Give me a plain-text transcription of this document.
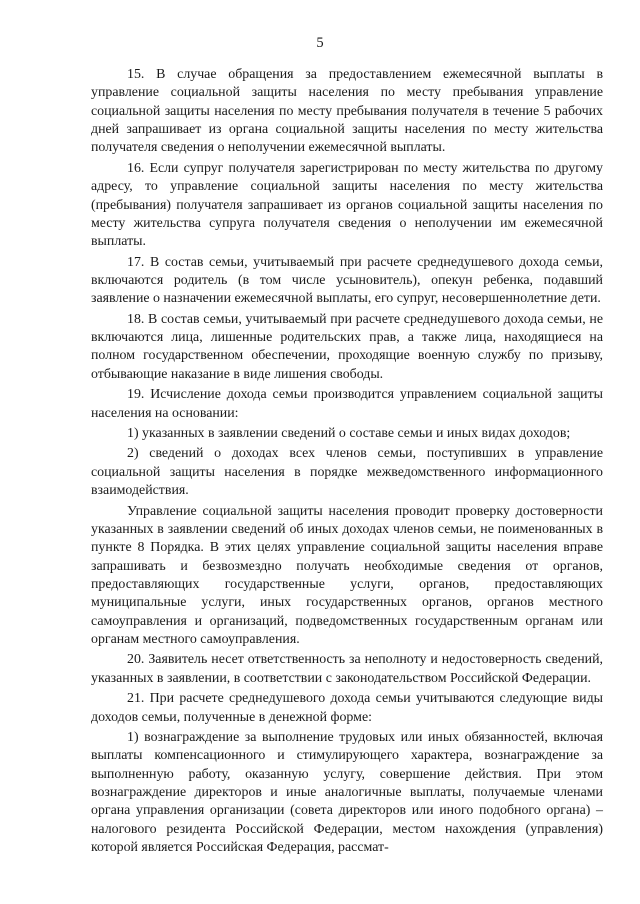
5

15. В случае обращения за предоставлением ежемесячной выплаты в управление социальной защиты населения по месту пребывания управление социальной защиты населения по месту пребывания получателя в течение 5 рабочих дней запрашивает из органа социальной защиты населения по месту жительства получателя сведения о неполучении ежемесячной выплаты.

16. Если супруг получателя зарегистрирован по месту жительства по другому адресу, то управление социальной защиты населения по месту жительства (пребывания) получателя запрашивает из органов социальной защиты населения по месту жительства супруга получателя сведения о неполучении им ежемесячной выплаты.

17. В состав семьи, учитываемый при расчете среднедушевого дохода семьи, включаются родитель (в том числе усыновитель), опекун ребенка, подавший заявление о назначении ежемесячной выплаты, его супруг, несовершеннолетние дети.

18. В состав семьи, учитываемый при расчете среднедушевого дохода семьи, не включаются лица, лишенные родительских прав, а также лица, находящиеся на полном государственном обеспечении, проходящие военную службу по призыву, отбывающие наказание в виде лишения свободы.

19. Исчисление дохода семьи производится управлением социальной защиты населения на основании:

1) указанных в заявлении сведений о составе семьи и иных видах доходов;

2) сведений о доходах всех членов семьи, поступивших в управление социальной защиты населения в порядке межведомственного информационного взаимодействия.

Управление социальной защиты населения проводит проверку достоверности указанных в заявлении сведений об иных доходах членов семьи, не поименованных в пункте 8 Порядка. В этих целях управление социальной защиты населения вправе запрашивать и безвозмездно получать необходимые сведения от органов, предоставляющих государственные услуги, органов, предоставляющих муниципальные услуги, иных государственных органов, органов местного самоуправления и организаций, подведомственных государственным органам или органам местного самоуправления.

20. Заявитель несет ответственность за неполноту и недостоверность сведений, указанных в заявлении, в соответствии с законодательством Российской Федерации.

21. При расчете среднедушевого дохода семьи учитываются следующие виды доходов семьи, полученные в денежной форме:

1) вознаграждение за выполнение трудовых или иных обязанностей, включая выплаты компенсационного и стимулирующего характера, вознаграждение за выполненную работу, оказанную услугу, совершение действия. При этом вознаграждение директоров и иные аналогичные выплаты, получаемые членами органа управления организации (совета директоров или иного подобного органа) – налогового резидента Российской Федерации, местом нахождения (управления) которой является Российская Федерация, рассмат-
